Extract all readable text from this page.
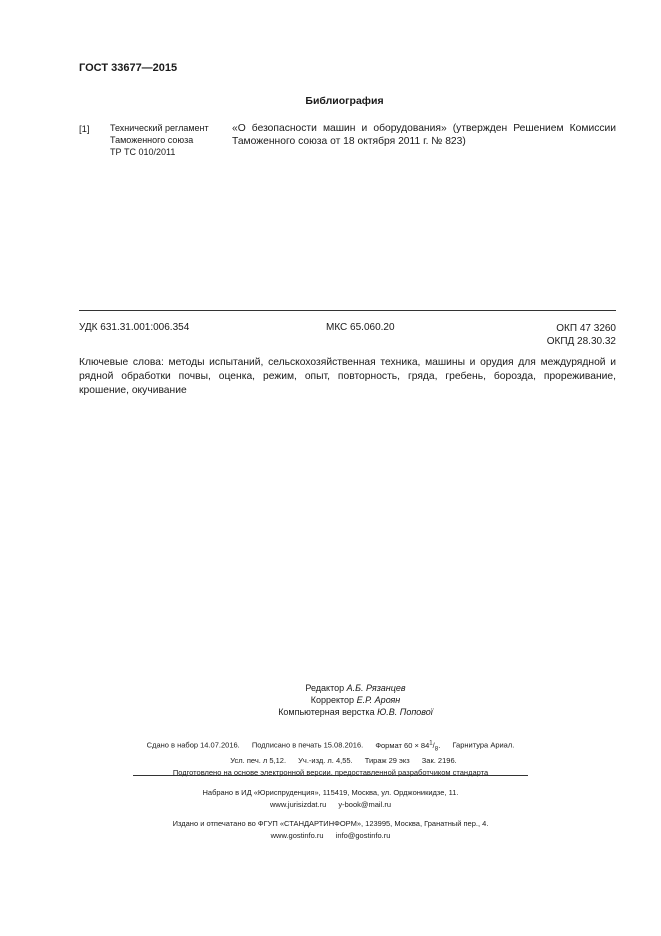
ГОСТ 33677—2015
Библиография
[1] Технический регламент
Таможенного союза
ТР ТС 010/2011
«О безопасности машин и оборудования» (утвержден Решением Комиссии Таможенного союза от 18 октября 2011 г. № 823)
УДК 631.31.001:006.354	МКС 65.060.20	ОКП 47 3260
ОКПД 28.30.32
Ключевые слова: методы испытаний, сельскохозяйственная техника, машины и орудия для междурядной и рядной обработки почвы, оценка, режим, опыт, повторность, гряда, гребень, борозда, прореживание, крошение, окучивание
Редактор А.Б. Рязанцев
Корректор Е.Р. Ароян
Компьютерная верстка Ю.В. Попової
Сдано в набор 14.07.2016. Подписано в печать 15.08.2016. Формат $60 \times 84^1/_8$. Гарнитура Ариал.
Усл. печ. л 5,12. Уч.-изд. л. 4,55. Тираж 29 экз Зак. 2196.
Подготовлено на основе электронной версии, предоставленной разработчиком стандарта
Набрано в ИД «Юриспруденция», 115419, Москва, ул. Орджоникидзе, 11.
www.jurisizdat.ru y-book@mail.ru
Издано и отпечатано во ФГУП «СТАНДАРТИНФОРМ», 123995, Москва, Гранатный пер., 4.
www.gostinfo.ru info@gostinfo.ru
